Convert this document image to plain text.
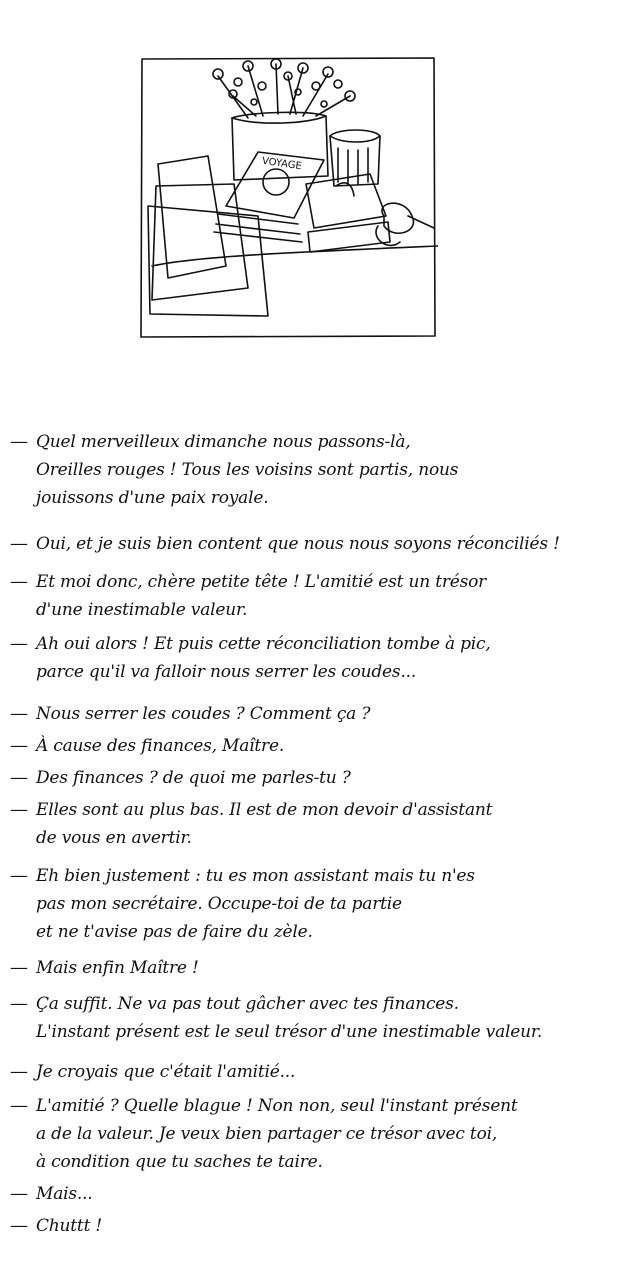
VOYAGE
— Quel merveilleux dimanche nous passons-là,
Oreilles rouges ! Tous les voisins sont partis, nous
jouissons d'une paix royale.
— Oui, et je suis bien content que nous nous soyons réconciliés !
— Et moi donc, chère petite tête ! L'amitié est un trésor
d'une inestimable valeur.
— Ah oui alors ! Et puis cette réconciliation tombe à pic,
parce qu'il va falloir nous serrer les coudes...
— Nous serrer les coudes ? Comment ça ?
— À cause des finances, Maître.
— Des finances ? de quoi me parles-tu ?
— Elles sont au plus bas. Il est de mon devoir d'assistant
de vous en avertir.
— Eh bien justement : tu es mon assistant mais tu n'es
pas mon secrétaire. Occupe-toi de ta partie
et ne t'avise pas de faire du zèle.
— Mais enfin Maître !
— Ça suffit. Ne va pas tout gâcher avec tes finances.
L'instant présent est le seul trésor d'une inestimable valeur.
— Je croyais que c'était l'amitié...
— L'amitié ? Quelle blague ! Non non, seul l'instant présent
a de la valeur. Je veux bien partager ce trésor avec toi,
à condition que tu saches te taire.
— Mais...
— Chuttt !
